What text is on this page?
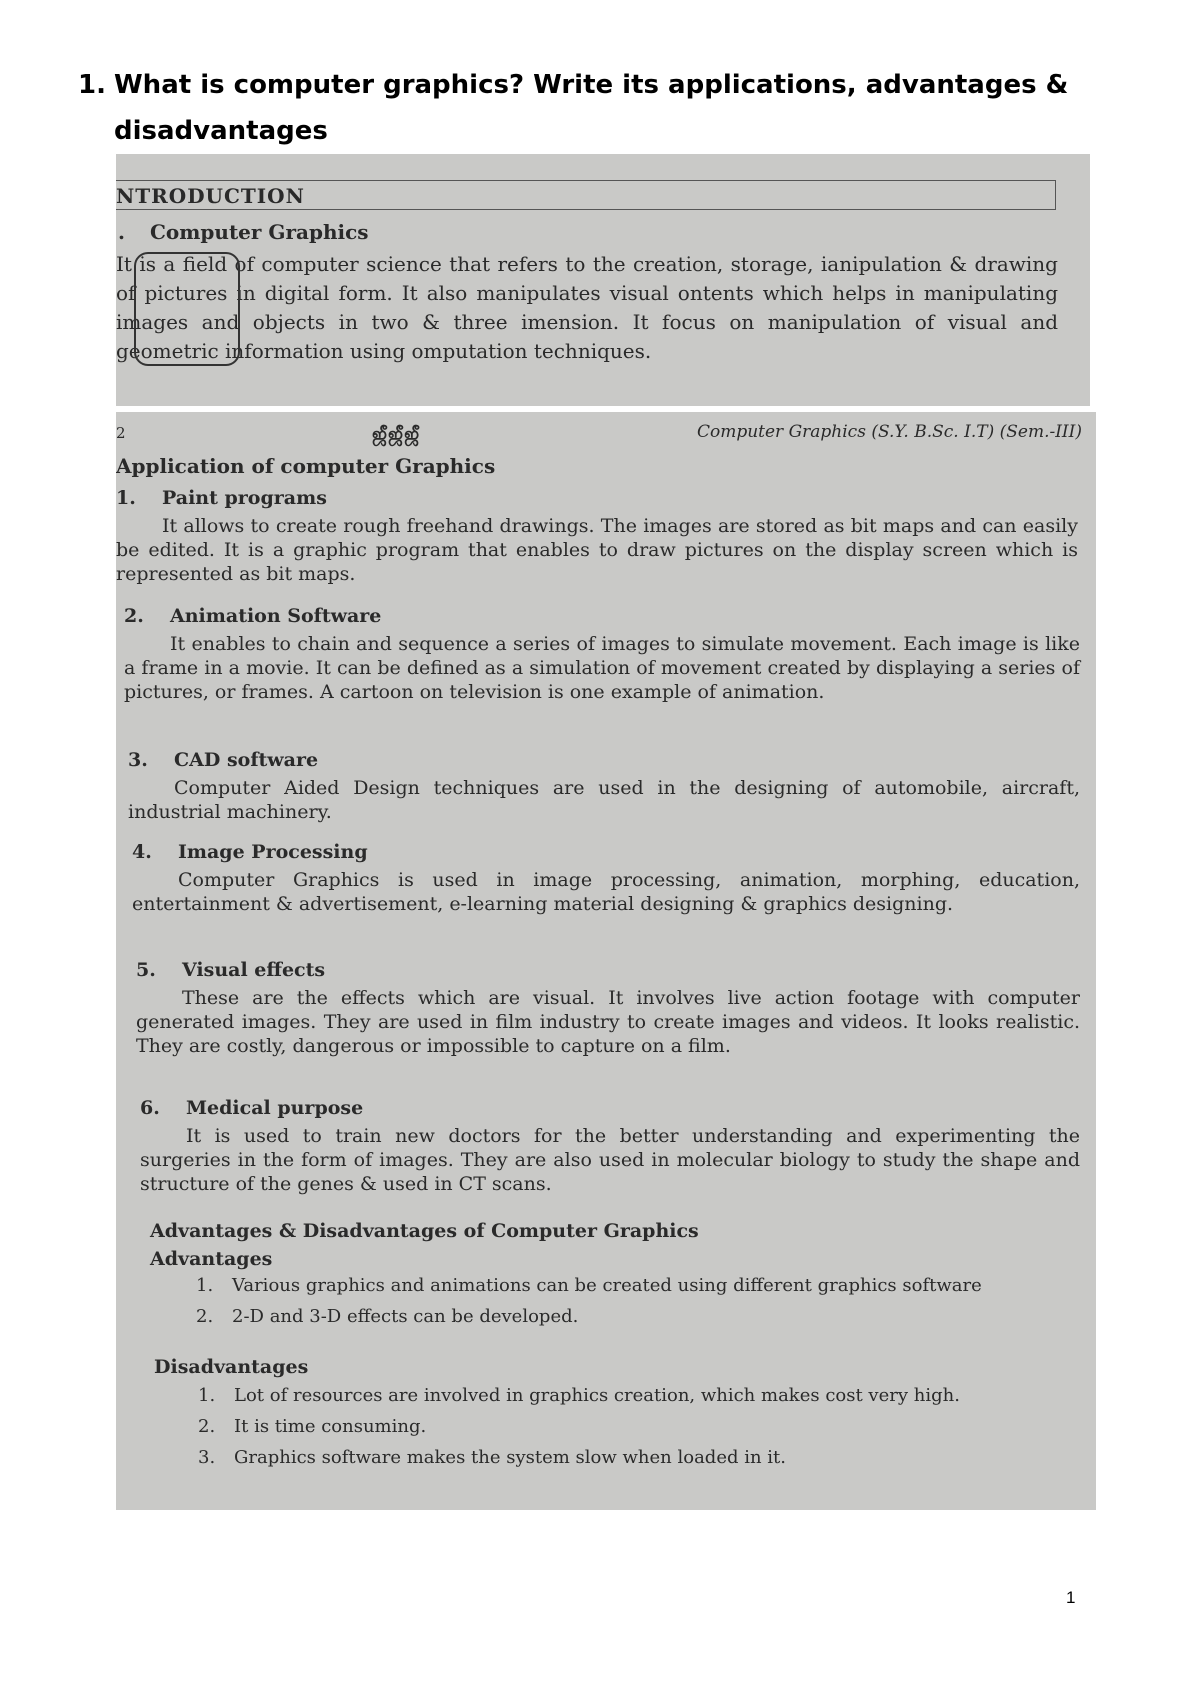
1. What is computer graphics? Write its applications, advantages & disadvantages
NTRODUCTION
. Computer Graphics
It is a field of computer science that refers to the creation, storage, ianipulation & drawing of pictures in digital form. It also manipulates visual ontents which helps in manipulating images and objects in two & three imension. It focus on manipulation of visual and geometric information using omputation techniques.
2	ஜீஜீஜீ	Computer Graphics (S.Y. B.Sc. I.T) (Sem.-III)
Application of computer Graphics
1. Paint programs
It allows to create rough freehand drawings. The images are stored as bit maps and can easily be edited. It is a graphic program that enables to draw pictures on the display screen which is represented as bit maps.
2. Animation Software
It enables to chain and sequence a series of images to simulate movement. Each image is like a frame in a movie. It can be defined as a simulation of movement created by displaying a series of pictures, or frames. A cartoon on television is one example of animation.
3. CAD software
Computer Aided Design techniques are used in the designing of automobile, aircraft, industrial machinery.
4. Image Processing
Computer Graphics is used in image processing, animation, morphing, education, entertainment & advertisement, e-learning material designing & graphics designing.
5. Visual effects
These are the effects which are visual. It involves live action footage with computer generated images. They are used in film industry to create images and videos. It looks realistic. They are costly, dangerous or impossible to capture on a film.
6. Medical purpose
It is used to train new doctors for the better understanding and experimenting the surgeries in the form of images. They are also used in molecular biology to study the shape and structure of the genes & used in CT scans.
Advantages & Disadvantages of Computer Graphics
Advantages
1. Various graphics and animations can be created using different graphics software
2. 2-D and 3-D effects can be developed.
Disadvantages
1. Lot of resources are involved in graphics creation, which makes cost very high.
2. It is time consuming.
3. Graphics software makes the system slow when loaded in it.
1
